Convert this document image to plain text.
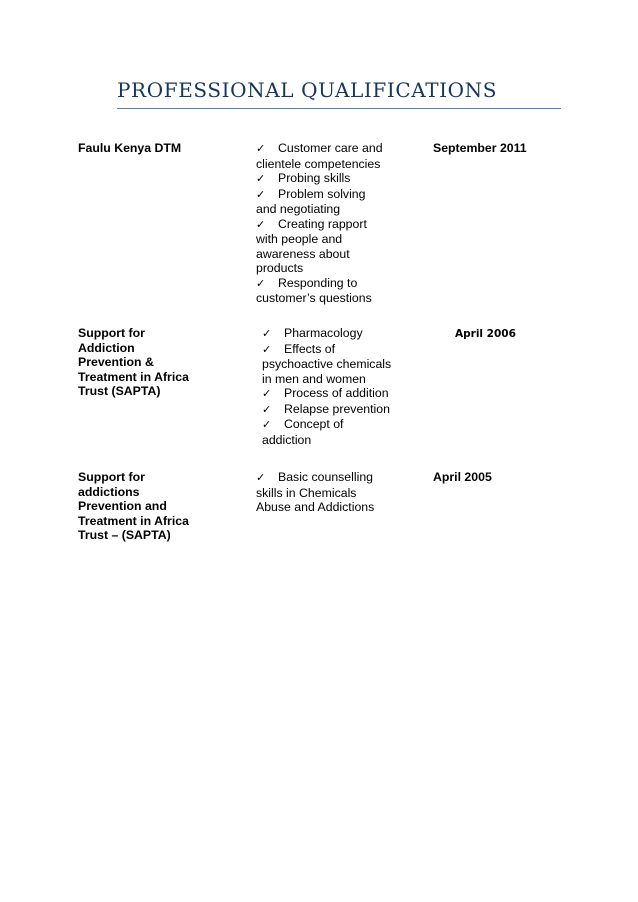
PROFESSIONAL QUALIFICATIONS
Faulu Kenya DTM	✓ Customer care and
clientele competencies
✓ Probing skills
✓ Problem solving
and negotiating
✓ Creating rapport
with people and
awareness about
products
✓ Responding to
customer’s questions
September 2011
Support for
Addiction
Prevention &
Treatment in Africa
Trust (SAPTA)
✓ Pharmacology
✓ Effects of
psychoactive chemicals
in men and women
✓ Process of addition
✓ Relapse prevention
✓ Concept of
addiction
April 2006
Support for
addictions
Prevention and
Treatment in Africa
Trust – (SAPTA)
✓ Basic counselling
skills in Chemicals
Abuse and Addictions
April 2005
